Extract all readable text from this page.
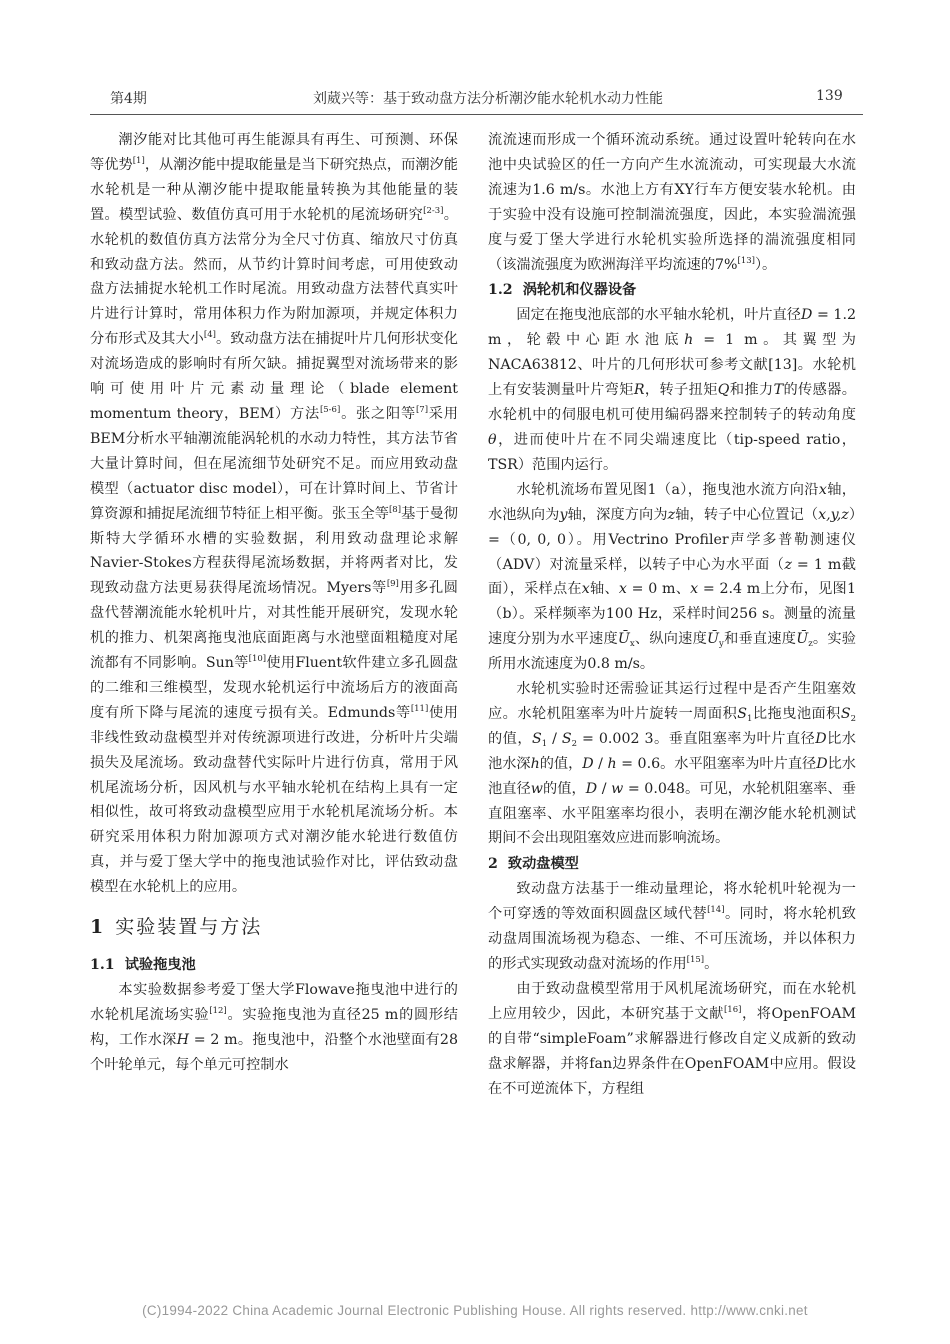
第4期	刘葳兴等：基于致动盘方法分析潮汐能水轮机水动力性能	139

潮汐能对比其他可再生能源具有再生、可预测、环保等优势[1]，从潮汐能中提取能量是当下研究热点，而潮汐能水轮机是一种从潮汐能中提取能量转换为其他能量的装置。模型试验、数值仿真可用于水轮机的尾流场研究[2-3]。水轮机的数值仿真方法常分为全尺寸仿真、缩放尺寸仿真和致动盘方法。然而，从节约计算时间考虑，可用使致动盘方法捕捉水轮机工作时尾流。用致动盘方法替代真实叶片进行计算时，常用体积力作为附加源项，并规定体积力分布形式及其大小[4]。致动盘方法在捕捉叶片几何形状变化对流场造成的影响时有所欠缺。捕捉翼型对流场带来的影响可使用叶片元素动量理论（blade element momentum theory，BEM）方法[5-6]。张之阳等[7]采用BEM分析水平轴潮流能涡轮机的水动力特性，其方法节省大量计算时间，但在尾流细节处研究不足。而应用致动盘模型（actuator disc model），可在计算时间上、节省计算资源和捕捉尾流细节特征上相平衡。张玉全等[8]基于曼彻斯特大学循环水槽的实验数据，利用致动盘理论求解Navier-Stokes方程获得尾流场数据，并将两者对比，发现致动盘方法更易获得尾流场情况。Myers等[9]用多孔圆盘代替潮流能水轮机叶片，对其性能开展研究，发现水轮机的推力、机架离拖曳池底面距离与水池壁面粗糙度对尾流都有不同影响。Sun等[10]使用Fluent软件建立多孔圆盘的二维和三维模型，发现水轮机运行中流场后方的液面高度有所下降与尾流的速度亏损有关。Edmunds等[11]使用非线性致动盘模型并对传统源项进行改进，分析叶片尖端损失及尾流场。致动盘替代实际叶片进行仿真，常用于风机尾流场分析，因风机与水平轴水轮机在结构上具有一定相似性，故可将致动盘模型应用于水轮机尾流场分析。本研究采用体积力附加源项方式对潮汐能水轮进行数值仿真，并与爱丁堡大学中的拖曳池试验作对比，评估致动盘模型在水轮机上的应用。

1 实验装置与方法
1.1 试验拖曳池

本实验数据参考爱丁堡大学Flowave拖曳池中进行的水轮机尾流场实验[12]。实验拖曳池为直径25 m的圆形结构，工作水深H = 2 m。拖曳池中，沿整个水池壁面有28个叶轮单元，每个单元可控制水

流流速而形成一个循环流动系统。通过设置叶轮转向在水池中央试验区的任一方向产生水流流动，可实现最大水流流速为1.6 m/s。水池上方有XY行车方便安装水轮机。由于实验中没有设施可控制湍流强度，因此，本实验湍流强度与爱丁堡大学进行水轮机实验所选择的湍流强度相同（该湍流强度为欧洲海洋平均流速的7%[13]）。

1.2 涡轮机和仪器设备

固定在拖曳池底部的水平轴水轮机，叶片直径D = 1.2 m，轮毂中心距水池底h = 1 m。其翼型为NACA63812、叶片的几何形状可参考文献[13]。水轮机上有安装测量叶片弯矩R，转子扭矩Q和推力T的传感器。水轮机中的伺服电机可使用编码器来控制转子的转动角度θ，进而使叶片在不同尖端速度比（tip-speed ratio，TSR）范围内运行。

水轮机流场布置见图1（a），拖曳池水流方向沿x轴，水池纵向为y轴，深度方向为z轴，转子中心位置记（x,y,z）=（0, 0, 0）。用Vectrino Profiler声学多普勒测速仪（ADV）对流量采样，以转子中心为水平面（z = 1 m截面），采样点在x轴、x = 0 m、x = 2.4 m上分布，见图1（b）。采样频率为100 Hz，采样时间256 s。测量的流量速度分别为水平速度$Ū_x$、纵向速度$Ū_y$和垂直速度$Ū_z$。实验所用水流速度为0.8 m/s。

水轮机实验时还需验证其运行过程中是否产生阻塞效应。水轮机阻塞率为叶片旋转一周面积$S_1$比拖曳池面积$S_2$的值，$S_1 / S_2 = 0.002$ 3。垂直阻塞率为叶片直径D比水池水深h的值，D / h = 0.6。水平阻塞率为叶片直径D比水池直径w的值，D / w = 0.048。可见，水轮机阻塞率、垂直阻塞率、水平阻塞率均很小，表明在潮汐能水轮机测试期间不会出现阻塞效应进而影响流场。

2 致动盘模型

致动盘方法基于一维动量理论，将水轮机叶轮视为一个可穿透的等效面积圆盘区域代替[14]。同时，将水轮机致动盘周围流场视为稳态、一维、不可压流场，并以体积力的形式实现致动盘对流场的作用[15]。

由于致动盘模型常用于风机尾流场研究，而在水轮机上应用较少，因此，本研究基于文献[16]，将OpenFOAM的自带“simpleFoam”求解器进行修改自定义成新的致动盘求解器，并将fan边界条件在OpenFOAM中应用。假设在不可逆流体下，方程组

(C)1994-2022 China Academic Journal Electronic Publishing House. All rights reserved. http://www.cnki.net
